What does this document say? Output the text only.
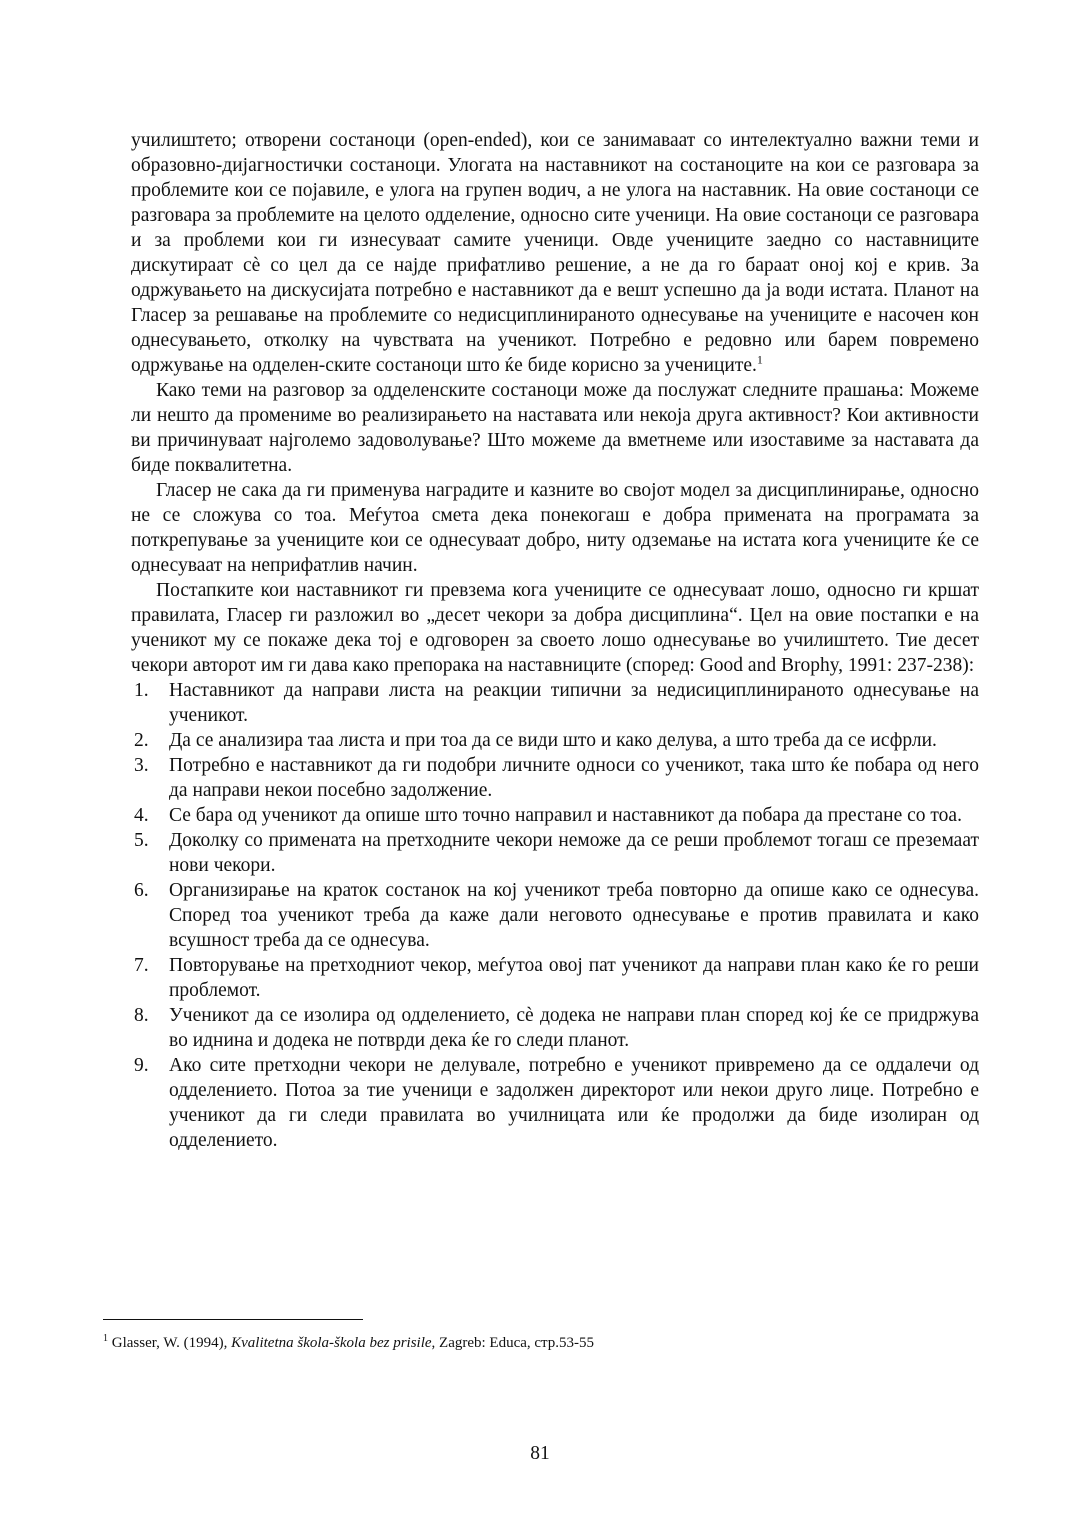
училиштето; отворени состаноци (open-ended), кои се занимаваат со интелектуално важни теми и образовно-дијагностички состаноци. Улогата на наставникот на состаноците на кои се разговара за проблемите кои се појавиле, е улога на групен водич, а не улога на наставник. На овие состаноци се разговара за проблемите на целото одделение, односно сите ученици. На овие состаноци се разговара и за проблеми кои ги изнесуваат самите ученици. Овде учениците заедно со наставниците дискутираат сè со цел да се најде прифатливо решение, а не да го бараат оној кој е крив. За одржувањето на дискусијата потребно е наставникот да е вешт успешно да ја води истата. Планот на Гласер за решавање на проблемите со недисциплинираното однесување на учениците е насочен кон однесувањето, отколку на чувствата на ученикот. Потребно е редовно или барем повремено одржување на одделен-ските состаноци што ќе биде корисно за учениците.$^1$

Како теми на разговор за одделенските состаноци може да послужат следните прашања: Можеме ли нешто да промениме во реализирањето на наставата или некоја друга активност? Кои активности ви причинуваат најголемо задоволување? Што можеме да вметнеме или изоставиме за наставата да биде поквалитетна.

Гласер не сака да ги применува наградите и казните во својот модел за дисциплинирање, односно не се сложува со тоа. Меѓутоа смета дека понекогаш е добра примената на програмата за поткрепување за учениците кои се однесуваат добро, ниту одземање на истата кога учениците ќе се однесуваат на неприфатлив начин.

Постапките кои наставникот ги превзема кога учениците се однесуваат лошо, односно ги кршат правилата, Гласер ги разложил во „десет чекори за добра дисциплина“. Цел на овие постапки е на ученикот му се покаже дека тој е одговорен за своето лошо однесување во училиштето. Тие десет чекори авторот им ги дава како препорака на наставниците (според: Good and Brophy, 1991: 237-238):

1.	Наставникот да направи листа на реакции типични за недисициплинираното однесување на ученикот.
2.	Да се анализира таа листа и при тоа да се види што и како делува, а што треба да се исфрли.
3.	Потребно е наставникот да ги подобри личните односи со ученикот, така што ќе побара од него да направи некои посебно задолжение.
4.	Се бара од ученикот да опише што точно направил и наставникот да побара да престане со тоа.
5.	Доколку со примената на претходните чекори неможе да се реши проблемот тогаш се преземаат нови чекори.
6.	Организирање на краток состанок на кој ученикот треба повторно да опише како се однесува. Според тоа ученикот треба да каже дали неговото однесување е против правилата и како всушност треба да се однесува.
7.	Повторување на претходниот чекор, меѓутоа овој пат ученикот да направи план како ќе го реши проблемот.
8.	Ученикот да се изолира од одделението, сè додека не направи план според кој ќе се придржува во иднина и додека не потврди дека ќе го следи планот.
9.	Ако сите претходни чекори не делувале, потребно е ученикот привремено да се оддалечи од одделението. Потоа за тие ученици е задолжен директорот или некои друго лице. Потребно е ученикот да ги следи правилата во училницата или ќе продолжи да биде изолиран од одделението.
$^1$ Glasser, W. (1994), Kvalitetna škola-škola bez prisile, Zagreb: Educa, стр.53-55
81
